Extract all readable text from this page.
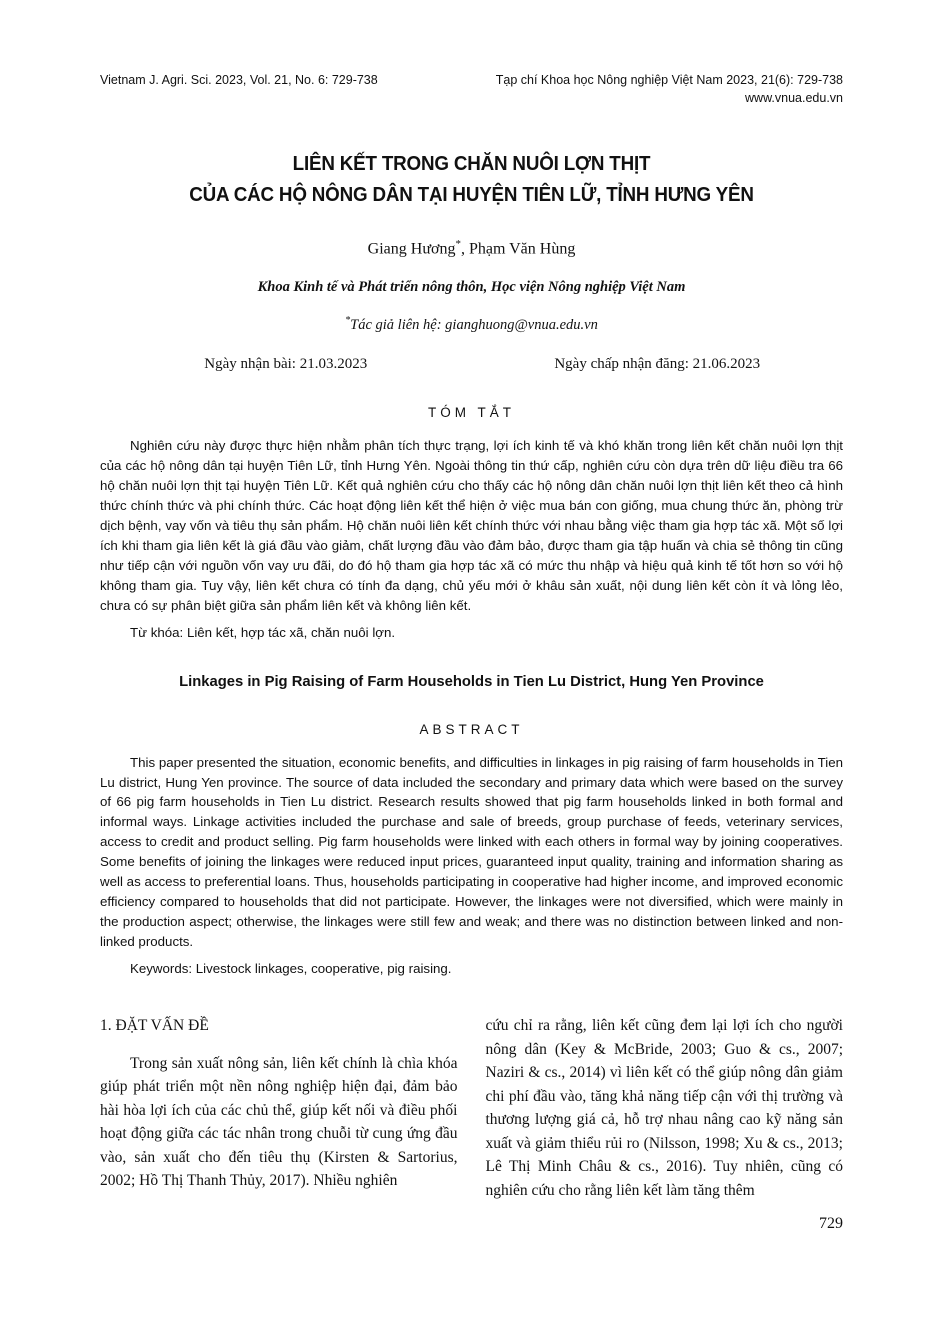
Vietnam J. Agri. Sci. 2023, Vol. 21, No. 6: 729-738	Tạp chí Khoa học Nông nghiệp Việt Nam 2023, 21(6): 729-738
www.vnua.edu.vn
LIÊN KẾT TRONG CHĂN NUÔI LỢN THỊT
CỦA CÁC HỘ NÔNG DÂN TẠI HUYỆN TIÊN LỮ, TỈNH HƯNG YÊN
Giang Hương*, Phạm Văn Hùng
Khoa Kinh tế và Phát triển nông thôn, Học viện Nông nghiệp Việt Nam
*Tác giả liên hệ: gianghuong@vnua.edu.vn
Ngày nhận bài: 21.03.2023	Ngày chấp nhận đăng: 21.06.2023
TÓM TẮT
Nghiên cứu này được thực hiện nhằm phân tích thực trạng, lợi ích kinh tế và khó khăn trong liên kết chăn nuôi lợn thịt của các hộ nông dân tại huyện Tiên Lữ, tỉnh Hưng Yên. Ngoài thông tin thứ cấp, nghiên cứu còn dựa trên dữ liệu điều tra 66 hộ chăn nuôi lợn thịt tại huyện Tiên Lữ. Kết quả nghiên cứu cho thấy các hộ nông dân chăn nuôi lợn thịt liên kết theo cả hình thức chính thức và phi chính thức. Các hoạt động liên kết thể hiện ở việc mua bán con giống, mua chung thức ăn, phòng trừ dịch bệnh, vay vốn và tiêu thụ sản phẩm. Hộ chăn nuôi liên kết chính thức với nhau bằng việc tham gia hợp tác xã. Một số lợi ích khi tham gia liên kết là giá đầu vào giảm, chất lượng đầu vào đảm bảo, được tham gia tập huấn và chia sẻ thông tin cũng như tiếp cận với nguồn vốn vay ưu đãi, do đó hộ tham gia hợp tác xã có mức thu nhập và hiệu quả kinh tế tốt hơn so với hộ không tham gia. Tuy vậy, liên kết chưa có tính đa dạng, chủ yếu mới ở khâu sản xuất, nội dung liên kết còn ít và lỏng lẻo, chưa có sự phân biệt giữa sản phẩm liên kết và không liên kết.
Từ khóa: Liên kết, hợp tác xã, chăn nuôi lợn.
Linkages in Pig Raising of Farm Households in Tien Lu District, Hung Yen Province
ABSTRACT
This paper presented the situation, economic benefits, and difficulties in linkages in pig raising of farm households in Tien Lu district, Hung Yen province. The source of data included the secondary and primary data which were based on the survey of 66 pig farm households in Tien Lu district. Research results showed that pig farm households linked in both formal and informal ways. Linkage activities included the purchase and sale of breeds, group purchase of feeds, veterinary services, access to credit and product selling. Pig farm households were linked with each others in formal way by joining cooperatives. Some benefits of joining the linkages were reduced input prices, guaranteed input quality, training and information sharing as well as access to preferential loans. Thus, households participating in cooperative had higher income, and improved economic efficiency compared to households that did not participate. However, the linkages were not diversified, which were mainly in the production aspect; otherwise, the linkages were still few and weak; and there was no distinction between linked and non-linked products.
Keywords: Livestock linkages, cooperative, pig raising.
1. ĐẶT VẤN ĐỀ
Trong sản xuất nông sản, liên kết chính là chìa khóa giúp phát triển một nền nông nghiệp hiện đại, đảm bảo hài hòa lợi ích của các chủ thể, giúp kết nối và điều phối hoạt động giữa các tác nhân trong chuỗi từ cung ứng đầu vào, sản xuất cho đến tiêu thụ (Kirsten & Sartorius, 2002; Hồ Thị Thanh Thủy, 2017). Nhiều nghiên
cứu chỉ ra rằng, liên kết cũng đem lại lợi ích cho người nông dân (Key & McBride, 2003; Guo & cs., 2007; Naziri & cs., 2014) vì liên kết có thể giúp nông dân giảm chi phí đầu vào, tăng khả năng tiếp cận với thị trường và thương lượng giá cả, hỗ trợ nhau nâng cao kỹ năng sản xuất và giảm thiểu rủi ro (Nilsson, 1998; Xu & cs., 2013; Lê Thị Minh Châu & cs., 2016). Tuy nhiên, cũng có nghiên cứu cho rằng liên kết làm tăng thêm
729
